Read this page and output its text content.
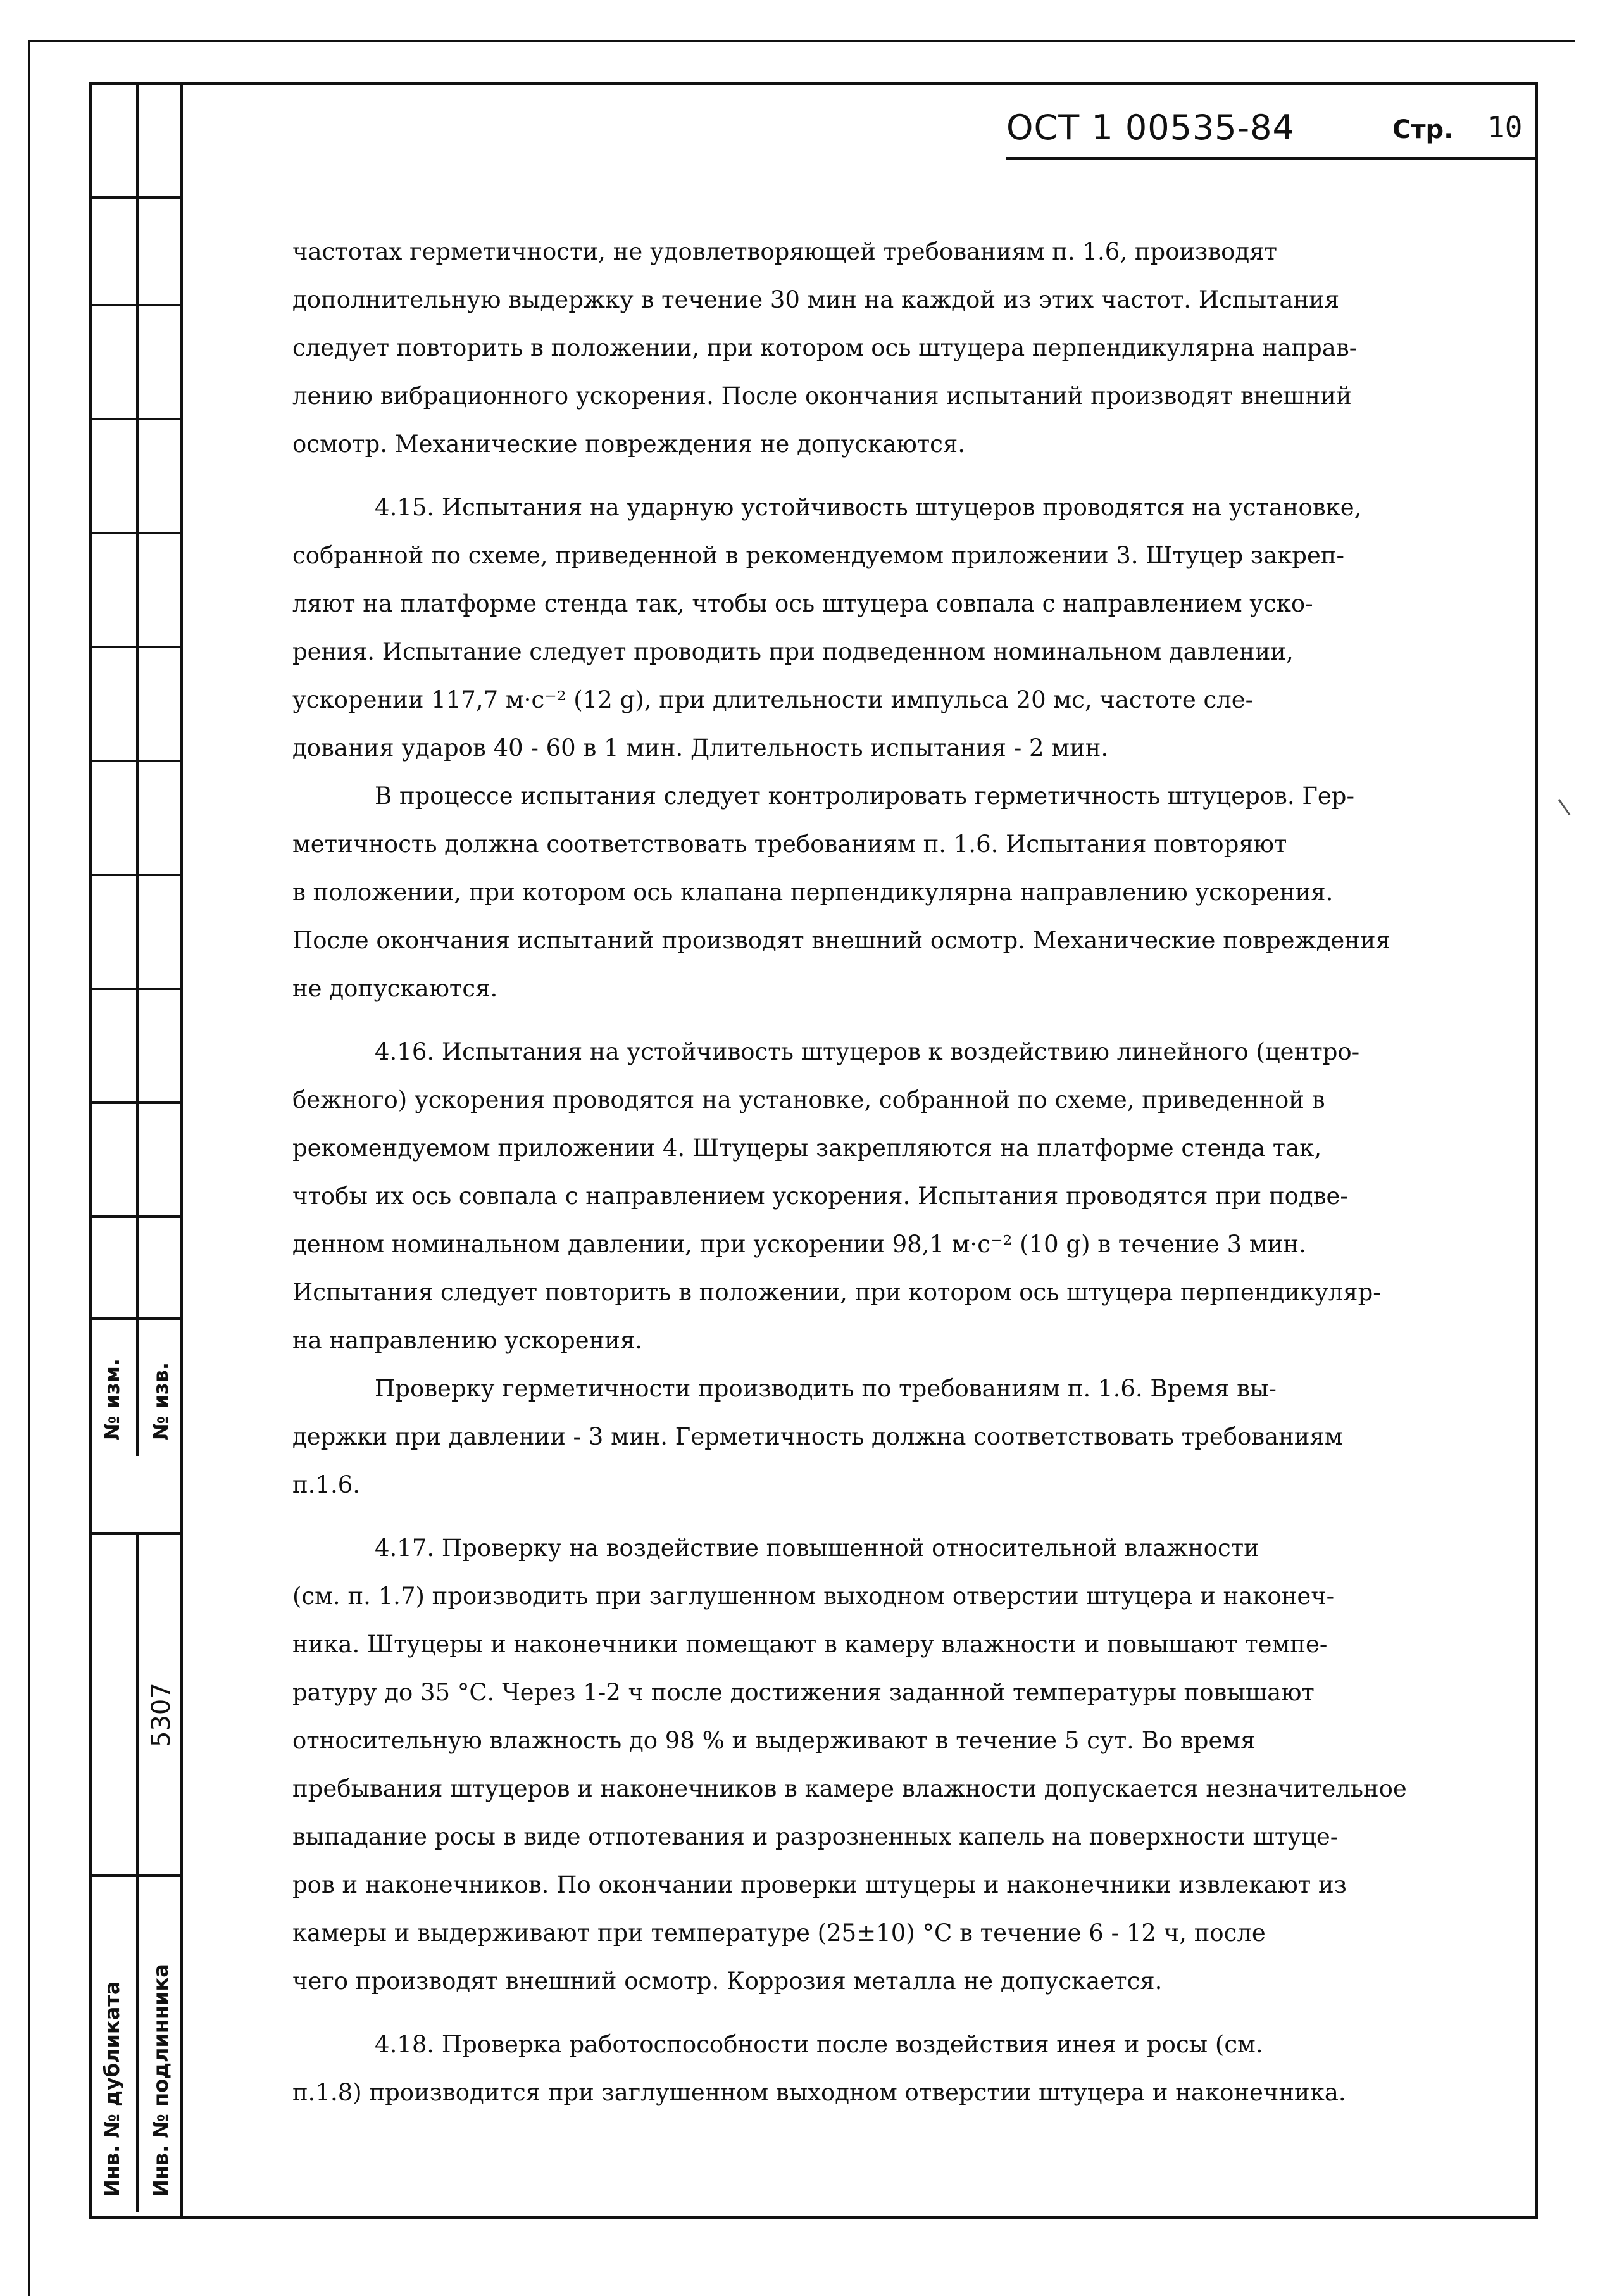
№ изм. № изв.
5307
Инв. № дубликата Инв. № подлинника
ОСТ 1 00535-84	Стр. 10

частотах герметичности, не удовлетворяющей требованиям п. 1.6, производят

дополнительную выдержку в течение 30 мин на каждой из этих частот. Испытания

следует повторить в положении, при котором ось штуцера перпендикулярна направ-

лению вибрационного ускорения. После окончания испытаний производят внешний

осмотр. Механические повреждения не допускаются.

4.15. Испытания на ударную устойчивость штуцеров проводятся на установке,

собранной по схеме, приведенной в рекомендуемом приложении 3. Штуцер закреп-

ляют на платформе стенда так, чтобы ось штуцера совпала с направлением уско-

рения. Испытание следует проводить при подведенном номинальном давлении,

ускорении 117,7 м·с⁻² (12 g), при длительности импульса 20 мс, частоте сле-

дования ударов 40 - 60 в 1 мин. Длительность испытания - 2 мин.

В процессе испытания следует контролировать герметичность штуцеров. Гер-

метичность должна соответствовать требованиям п. 1.6. Испытания повторяют

в положении, при котором ось клапана перпендикулярна направлению ускорения.

После окончания испытаний производят внешний осмотр. Механические повреждения

не допускаются.

4.16. Испытания на устойчивость штуцеров к воздействию линейного (центро-

бежного) ускорения проводятся на установке, собранной по схеме, приведенной в

рекомендуемом приложении 4. Штуцеры закрепляются на платформе стенда так,

чтобы их ось совпала с направлением ускорения. Испытания проводятся при подве-

денном номинальном давлении, при ускорении 98,1 м·с⁻² (10 g) в течение 3 мин.

Испытания следует повторить в положении, при котором ось штуцера перпендикуляр-

на направлению ускорения.

Проверку герметичности производить по требованиям п. 1.6. Время вы-

держки при давлении - 3 мин. Герметичность должна соответствовать требованиям

п.1.6.

4.17. Проверку на воздействие повышенной относительной влажности

(см. п. 1.7) производить при заглушенном выходном отверстии штуцера и наконеч-

ника. Штуцеры и наконечники помещают в камеру влажности и повышают темпе-

ратуру до 35 °С. Через 1-2 ч после достижения заданной температуры повышают

относительную влажность до 98 % и выдерживают в течение 5 сут. Во время

пребывания штуцеров и наконечников в камере влажности допускается незначительное

выпадание росы в виде отпотевания и разрозненных капель на поверхности штуце-

ров и наконечников. По окончании проверки штуцеры и наконечники извлекают из

камеры и выдерживают при температуре (25±10) °С в течение 6 - 12 ч, после

чего производят внешний осмотр. Коррозия металла не допускается.

4.18. Проверка работоспособности после воздействия инея и росы (см.

п.1.8) производится при заглушенном выходном отверстии штуцера и наконечника.
